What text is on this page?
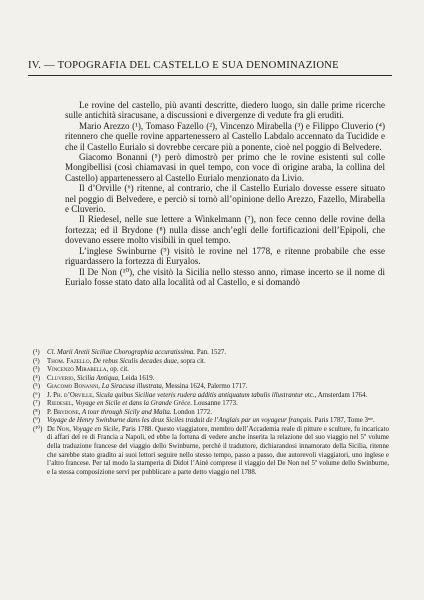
IV. — TOPOGRAFIA DEL CASTELLO E SUA DENOMINAZIONE

Le rovine del castello, più avanti descritte, diedero luogo, sin dalle prime ricerche sulle antichità siracusane, a discussioni e divergenze di vedute fra gli eruditi.

Mario Arezzo (¹), Tomaso Fazello (²), Vincenzo Mirabella (³) e Filippo Cluverio (⁴) ritennero che quelle rovine appartenessero al Castello Labdalo accennato da Tucidide e che il Castello Eurialo si dovrebbe cercare più a ponente, cioè nel poggio di Belvedere.

Giacomo Bonanni (⁵) però dimostrò per primo che le rovine esistenti sul colle Mongibellisi (così chiamavasi in quel tempo, con voce di origine araba, la collina del Castello) appartenessero al Castello Eurialo menzionato da Livio.

Il d’Orville (⁶) ritenne, al contrario, che il Castello Eurialo dovesse essere situato nel poggio di Belvedere, e perciò si tornò all’opinione dello Arezzo, Fazello, Mirabella e Cluverio.

Il Riedesel, nelle sue lettere a Winkelmann (⁷), non fece cenno delle rovine della fortezza; ed il Brydone (⁸) nulla disse anch’egli delle fortificazioni dell’Epipoli, che dovevano essere molto visibili in quel tempo.

L’inglese Swinburne (⁹) visitò le rovine nel 1778, e ritenne probabile che esse riguardassero la fortezza di Euryalos.

Il De Non (¹⁰), che visitò la Sicilia nello stesso anno, rimase incerto se il nome di Eurialo fosse stato dato alla località od al Castello, e si domandò

(¹) Cl. Marii Aretii Siciliae Chorographia accuratissima. Pan. 1527.

(²) Thom. Fazello, De rebus Siculis decades duae, sopra cit.

(³) Vincenzo Mirabella, op. cit.

(⁴) Cluverio, Sicilia Antiqua, Leida 1619.

(⁵) Giacomo Bonanni, La Siracusa illustrata, Messina 1624, Palermo 1717.

(⁶) J. Ph. d’Orville, Sicula quibus Siciliae veteris rudera additis antiquatum tabulis illustrantur etc., Amsterdam 1764.

(⁷) Riedesel, Voyage en Sicile et dans la Grande Grèce. Lousanne 1773.

(⁸) P. Brydone, A tour through Sicily and Malta. London 1772.

(⁹) Voyage de Henry Swinburne dans les deux Siciles traduit de l’Anglais par un voyageur français. Paris 1787, Tome 3ᵐᵉ.

(¹⁰) De Non, Voyage en Sicile, Paris 1788. Questo viaggiatore, membro dell’Accademia reale di pitture e sculture, fu incaricato di affari del re di Francia a Napoli, ed ebbe la fortuna di vedere anche inserita la relazione del suo viaggio nel 5º volume della traduzione francese del viaggio dello Swinburne, perchè il traduttore, dichiarandosi innamorato della Sicilia, ritenne che sarebbe stato gradito ai suoi lettori seguire nello stesso tempo, passo a passo, due autorevoli viaggiatori, uno inglese e l’altro francese. Per tal modo la stamperia di Didot l’Ainè comprese il viaggio del De Non nel 5º volume dello Swinburne, e la stessa composizione servì per pubblicare a parte detto viaggio nel 1788.
